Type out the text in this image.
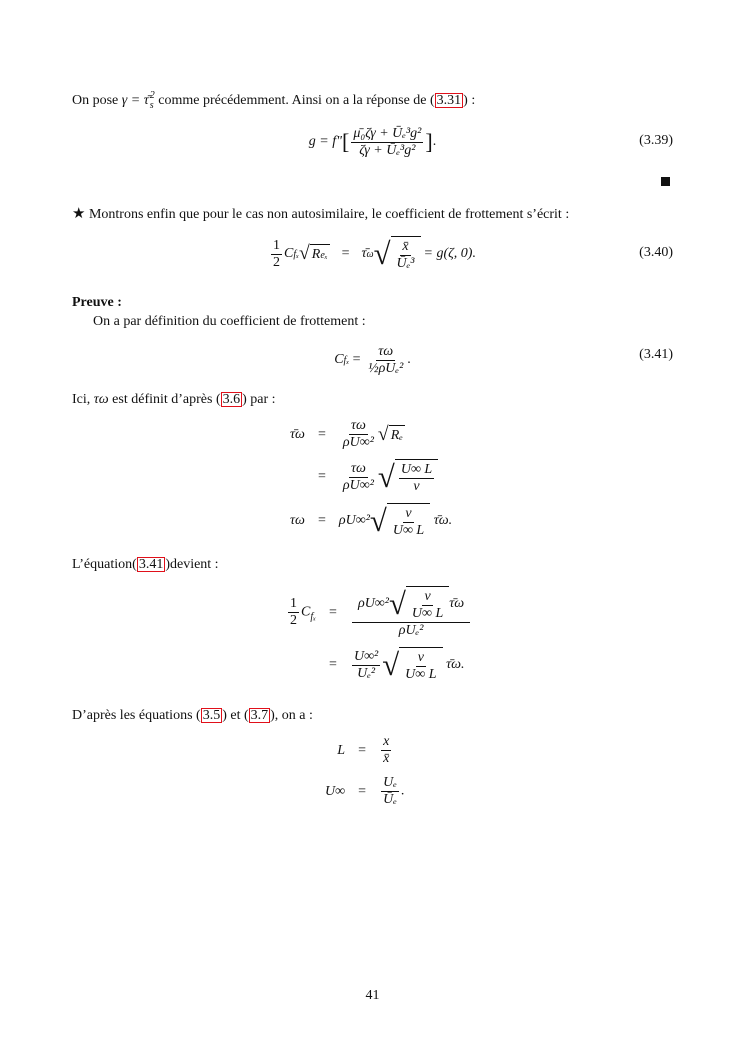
On pose γ = τ̄ 2
s comme précédemment. Ainsi on a la réponse de ( 3.31 ) :
g = f" [ $\frac{\text{μ̄₀ζγ + Ūₑ³g²}}{\text{ζγ + Ūₑ³g²}}$ ] .	(3.39)
★ Montrons enfin que pour le cas non autosimilaire, le coefficient de frottement s’écrit :
$\frac{1}{2}$ C fₓ √ R eₓ = τ̄ ω √ $\frac{x̄}{\text{Ūₑ³}} = g(\zeta$, 0).	(3.40)
Preuve :
On a par définition du coefficient de frottement :
C $f_x = \frac{\tau\omega}{\text{½ρUₑ²}}$ .	(3.41)
Ici, τω est définit d’après ( 3.6 ) par :
τ̄ω =	$\frac{\tau\omega}{\text{ρU∞²}}$ √ Rₑ
=	$\frac{\tau\omega}{\text{ρU∞²}}$ √ $\frac{U\infty L}{\nu}$
τω = ρU∞² √ $\frac{\nu}{U\infty L}$ τ̄ω.
L’équation( 3.41 )devient :
$\frac{1}{2} C_{f_x}$ =	$\frac{\rho U\infty^2 √ \frac{\nu}{U\infty L} \taū\omega}{\text{ρUₑ²}}$
=	$\frac{\text{U∞²}}{\text{Uₑ²}}$ √ $\frac{\nu}{U\infty L}$ τ̄ω.
D’après les équations ( 3.5 ) et ( 3.7 ), on a :
L =	$\frac{x}{x̄}$
U∞ =	$\frac{\text{Uₑ}}{\text{Ūₑ}}$ .
41
